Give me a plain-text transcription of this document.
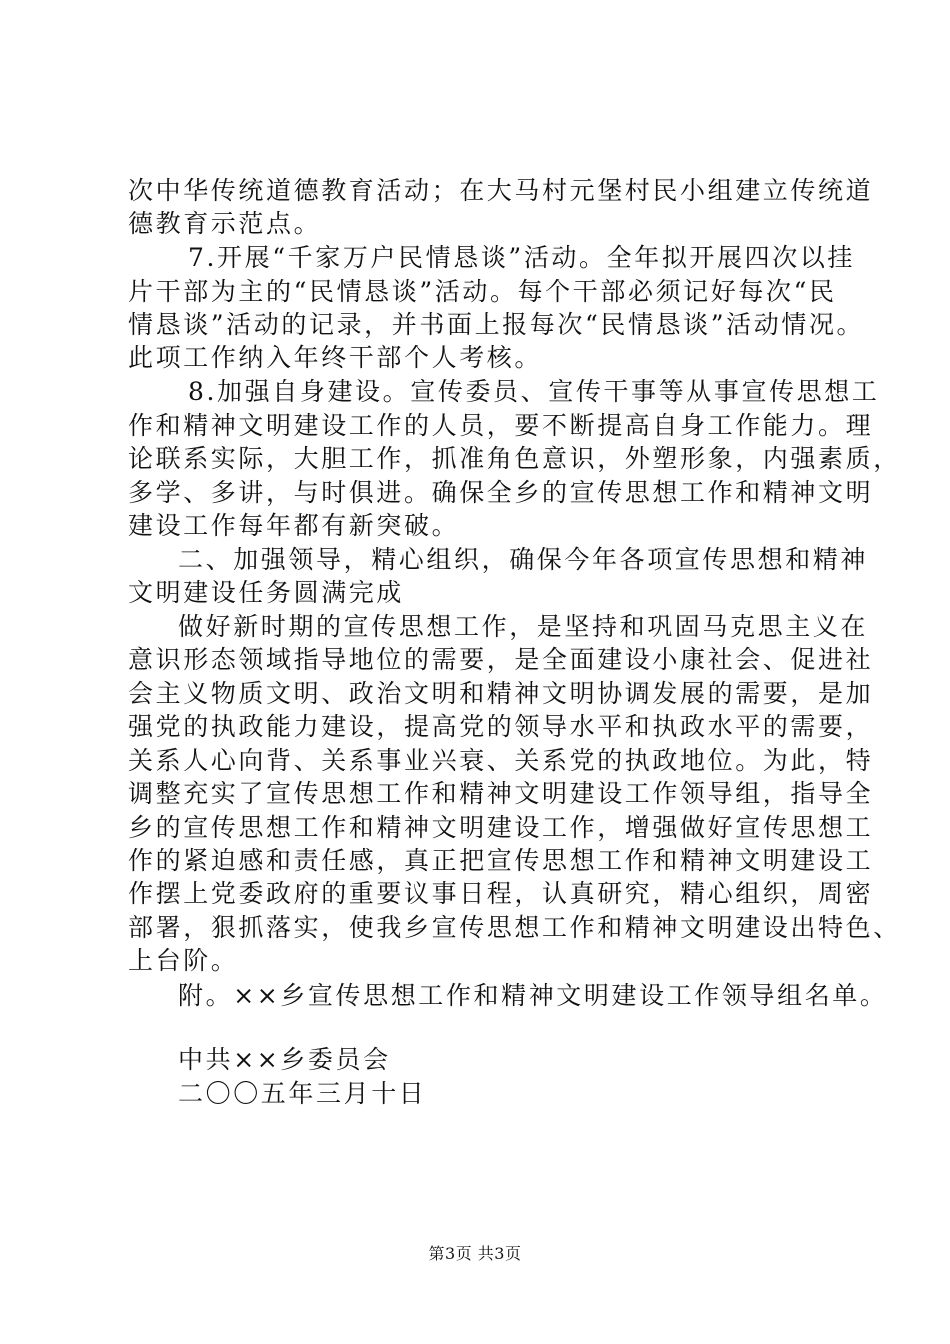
次中华传统道德教育活动；在大马村元堡村民小组建立传统道
德教育示范点。
7.开展“千家万户民情恳谈”活动。全年拟开展四次以挂
片干部为主的“民情恳谈”活动。每个干部必须记好每次“民
情恳谈”活动的记录，并书面上报每次“民情恳谈”活动情况。
此项工作纳入年终干部个人考核。
8.加强自身建设。宣传委员、宣传干事等从事宣传思想工
作和精神文明建设工作的人员，要不断提高自身工作能力。理
论联系实际，大胆工作，抓准角色意识，外塑形象，内强素质，
多学、多讲，与时俱进。确保全乡的宣传思想工作和精神文明
建设工作每年都有新突破。
二、加强领导，精心组织，确保今年各项宣传思想和精神
文明建设任务圆满完成
做好新时期的宣传思想工作，是坚持和巩固马克思主义在
意识形态领域指导地位的需要，是全面建设小康社会、促进社
会主义物质文明、政治文明和精神文明协调发展的需要，是加
强党的执政能力建设，提高党的领导水平和执政水平的需要，
关系人心向背、关系事业兴衰、关系党的执政地位。为此，特
调整充实了宣传思想工作和精神文明建设工作领导组，指导全
乡的宣传思想工作和精神文明建设工作，增强做好宣传思想工
作的紧迫感和责任感，真正把宣传思想工作和精神文明建设工
作摆上党委政府的重要议事日程，认真研究，精心组织，周密
部署，狠抓落实，使我乡宣传思想工作和精神文明建设出特色、
上台阶。
附。××乡宣传思想工作和精神文明建设工作领导组名单。
中共××乡委员会
二〇〇五年三月十日
第3页 共3页
